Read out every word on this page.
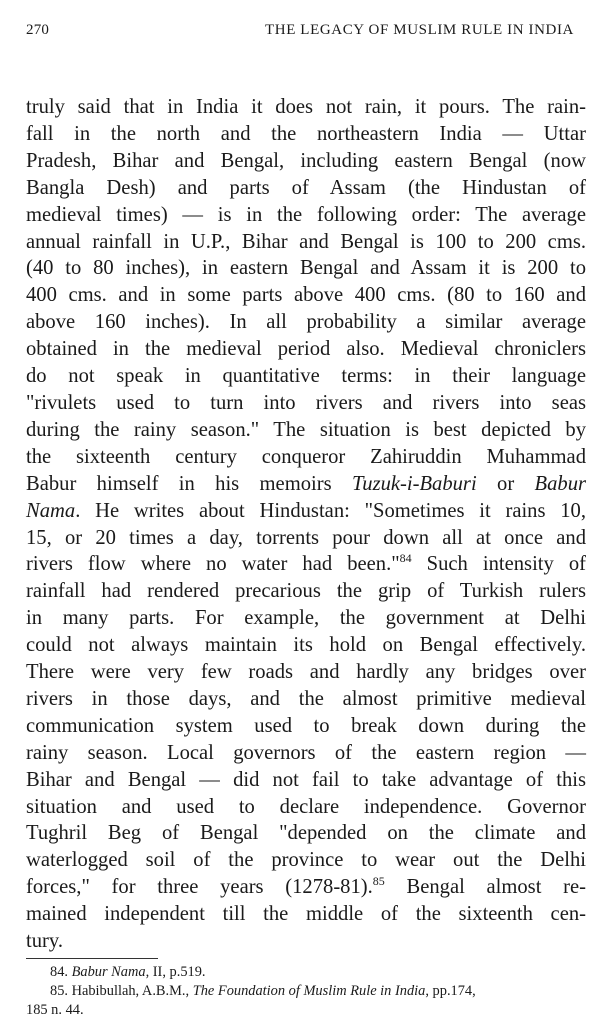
270	THE LEGACY OF MUSLIM RULE IN INDIA
truly said that in India it does not rain, it pours. The rain-
fall in the north and the northeastern India — Uttar
Pradesh, Bihar and Bengal, including eastern Bengal (now
Bangla Desh) and parts of Assam (the Hindustan of
medieval times) — is in the following order: The average
annual rainfall in U.P., Bihar and Bengal is 100 to 200 cms.
(40 to 80 inches), in eastern Bengal and Assam it is 200 to
400 cms. and in some parts above 400 cms. (80 to 160 and
above 160 inches). In all probability a similar average
obtained in the medieval period also. Medieval chroniclers
do not speak in quantitative terms: in their language
"rivulets used to turn into rivers and rivers into seas
during the rainy season." The situation is best depicted by
the sixteenth century conqueror Zahiruddin Muhammad
Babur himself in his memoirs Tuzuk-i-Baburi or Babur
Nama. He writes about Hindustan: "Sometimes it rains 10,
15, or 20 times a day, torrents pour down all at once and
rivers flow where no water had been."$^{84}$ Such intensity of
rainfall had rendered precarious the grip of Turkish rulers
in many parts. For example, the government at Delhi
could not always maintain its hold on Bengal effectively.
There were very few roads and hardly any bridges over
rivers in those days, and the almost primitive medieval
communication system used to break down during the
rainy season. Local governors of the eastern region —
Bihar and Bengal — did not fail to take advantage of this
situation and used to declare independence. Governor
Tughril Beg of Bengal "depended on the climate and
waterlogged soil of the province to wear out the Delhi
forces," for three years (1278-81).$^{85}$ Bengal almost re-
mained independent till the middle of the sixteenth cen-
tury.
84. Babur Nama, II, p.519.
85. Habibullah, A.B.M., The Foundation of Muslim Rule in India, pp.174,
185 n. 44.
